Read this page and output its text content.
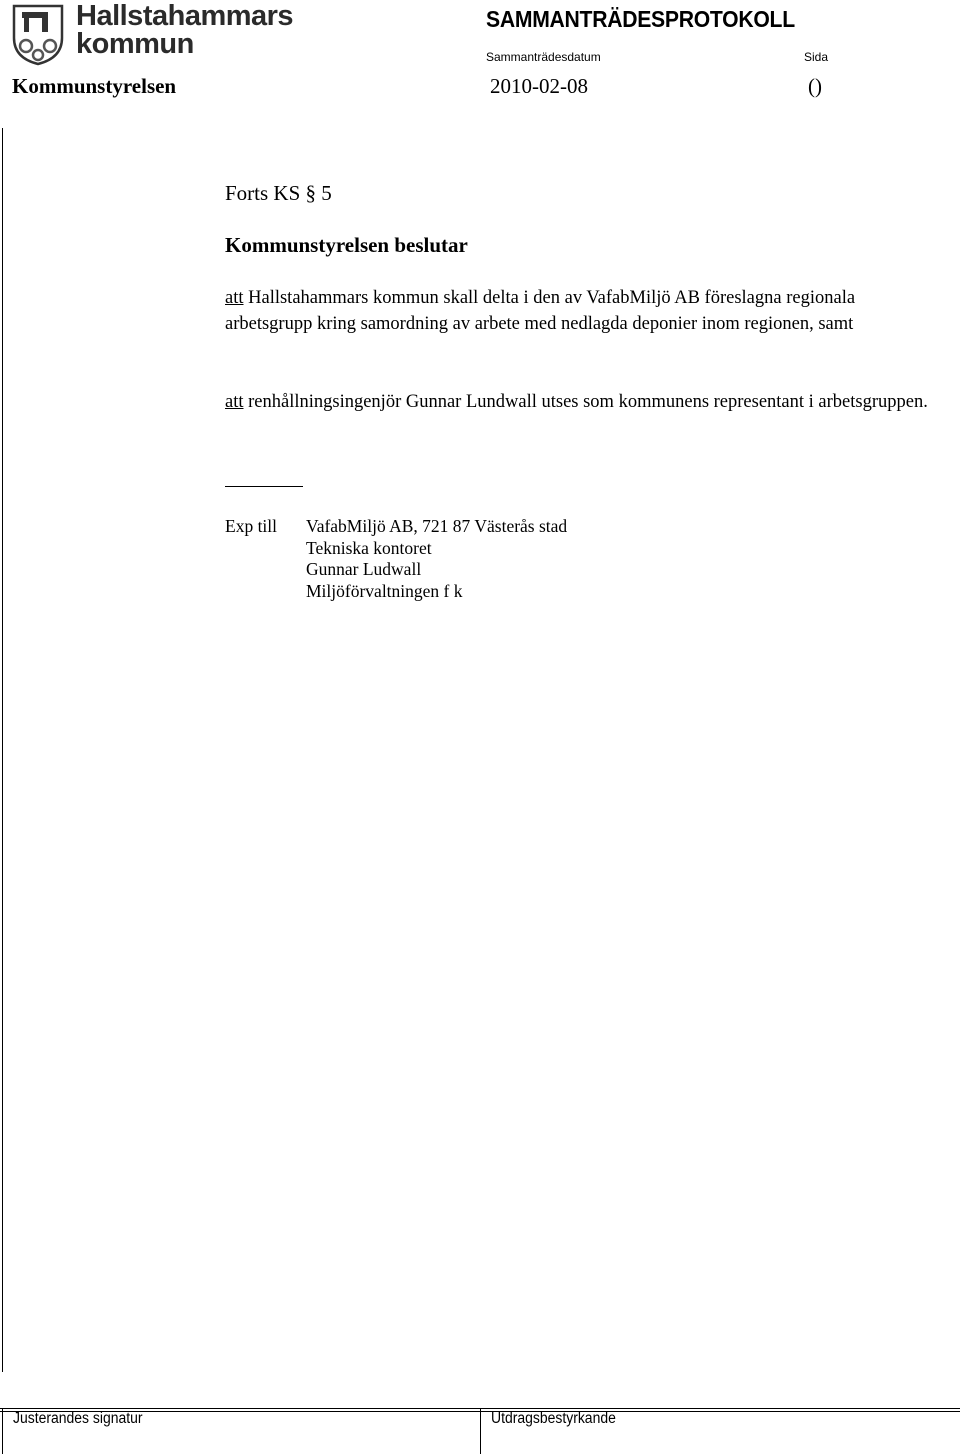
Hallstahammars
kommun
SAMMANTRÄDESPROTOKOLL
Sammanträdesdatum	Sida
Kommunstyrelsen	2010-02-08	()
Forts KS § 5
Kommunstyrelsen beslutar
att Hallstahammars kommun skall delta i den av VafabMiljö AB föreslagna regionala arbetsgrupp kring samordning av arbete med nedlagda deponier inom regionen, samt
att renhållningsingenjör Gunnar Lundwall utses som kommunens representant i arbetsgruppen.
Exp till VafabMiljö AB, 721 87 Västerås stad
Tekniska kontoret
Gunnar Ludwall
Miljöförvaltningen f k
Justerandes signatur	Utdragsbestyrkande
